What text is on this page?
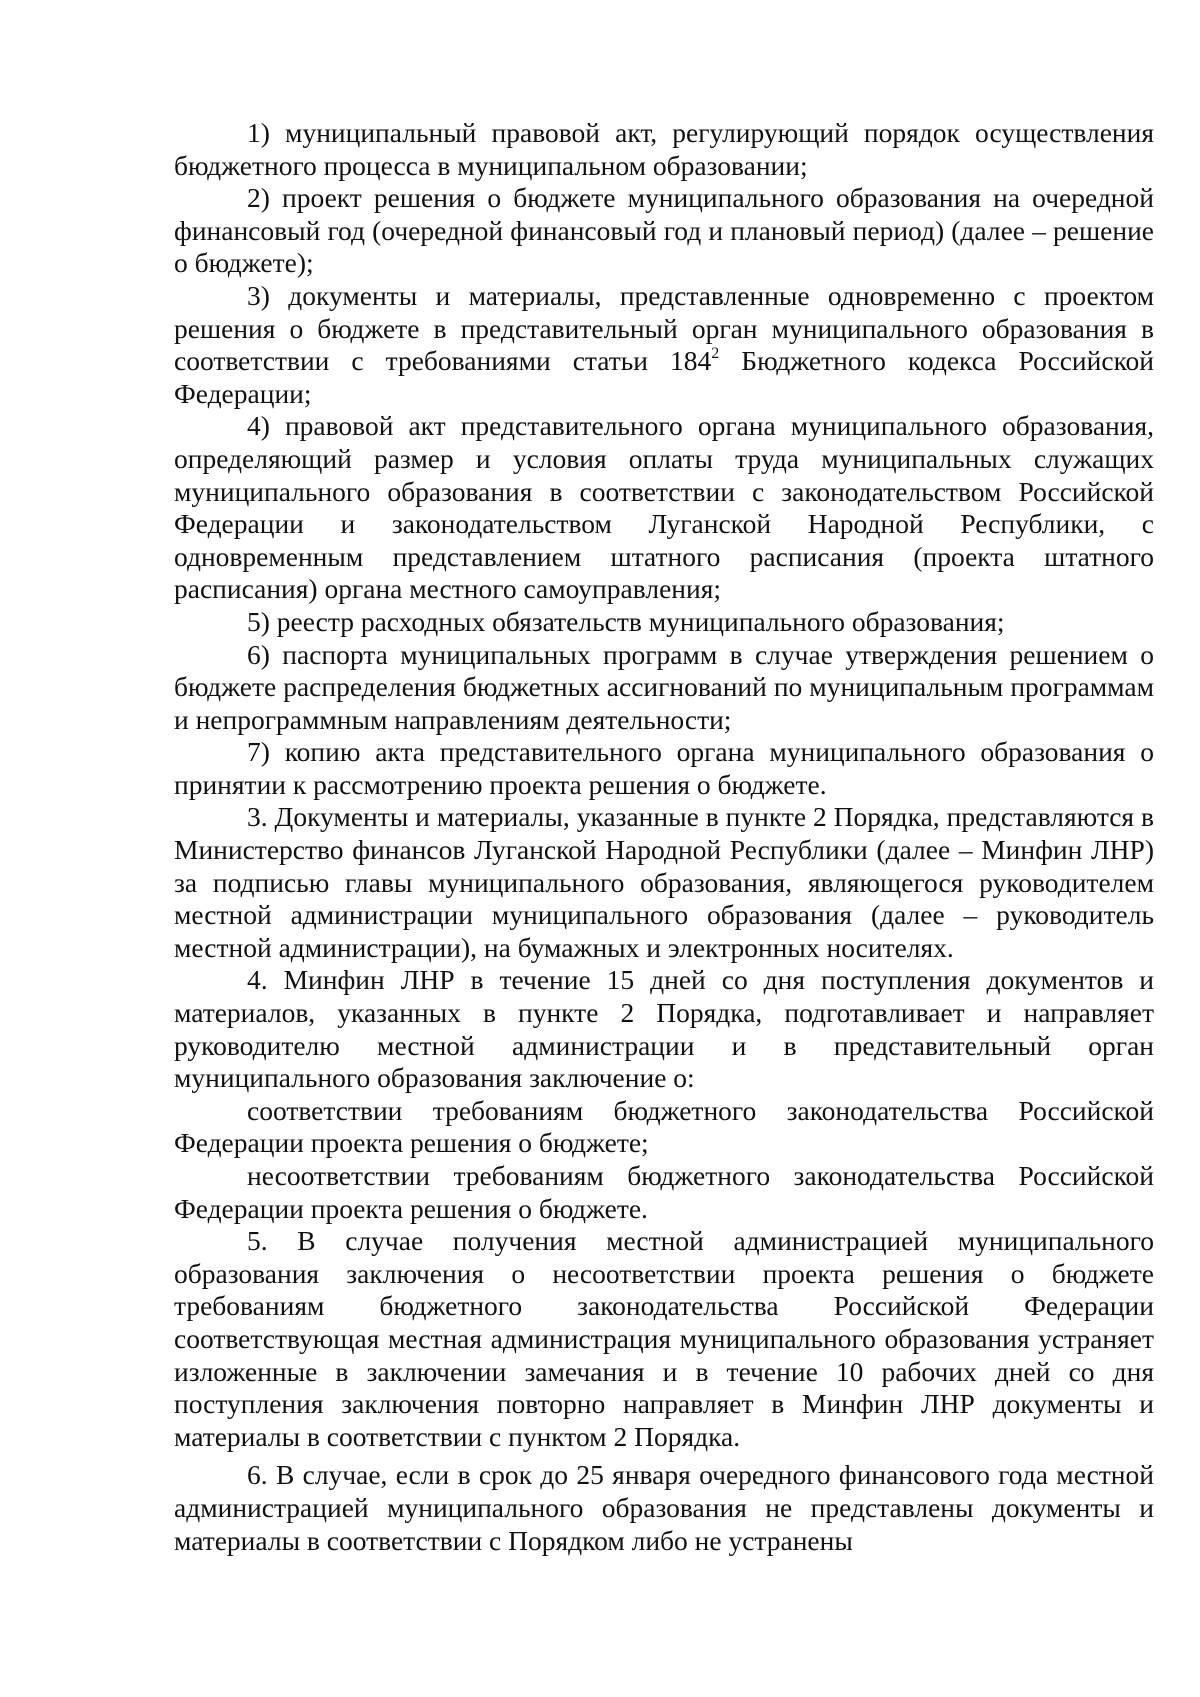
1) муниципальный правовой акт, регулирующий порядок осуществления бюджетного процесса в муниципальном образовании;

2) проект решения о бюджете муниципального образования на очередной финансовый год (очередной финансовый год и плановый период) (далее – решение о бюджете);

3) документы и материалы, представленные одновременно с проектом решения о бюджете в представительный орган муниципального образования в соответствии с требованиями статьи $184^2$ Бюджетного кодекса Российской Федерации;

4) правовой акт представительного органа муниципального образования, определяющий размер и условия оплаты труда муниципальных служащих муниципального образования в соответствии с законодательством Российской Федерации и законодательством Луганской Народной Республики, с одновременным представлением штатного расписания (проекта штатного расписания) органа местного самоуправления;

5) реестр расходных обязательств муниципального образования;

6) паспорта муниципальных программ в случае утверждения решением о бюджете распределения бюджетных ассигнований по муниципальным программам и непрограммным направлениям деятельности;

7) копию акта представительного органа муниципального образования о принятии к рассмотрению проекта решения о бюджете.

3. Документы и материалы, указанные в пункте 2 Порядка, представляются в Министерство финансов Луганской Народной Республики (далее – Минфин ЛНР) за подписью главы муниципального образования, являющегося руководителем местной администрации муниципального образования (далее – руководитель местной администрации), на бумажных и электронных носителях.

4. Минфин ЛНР в течение 15 дней со дня поступления документов и материалов, указанных в пункте 2 Порядка, подготавливает и направляет руководителю местной администрации и в представительный орган муниципального образования заключение о:

соответствии требованиям бюджетного законодательства Российской Федерации проекта решения о бюджете;

несоответствии требованиям бюджетного законодательства Российской Федерации проекта решения о бюджете.

5. В случае получения местной администрацией муниципального образования заключения о несоответствии проекта решения о бюджете требованиям бюджетного законодательства Российской Федерации соответствующая местная администрация муниципального образования устраняет изложенные в заключении замечания и в течение 10 рабочих дней со дня поступления заключения повторно направляет в Минфин ЛНР документы и материалы в соответствии с пунктом 2 Порядка.

6. В случае, если в срок до 25 января очередного финансового года местной администрацией муниципального образования не представлены документы и материалы в соответствии с Порядком либо не устранены
